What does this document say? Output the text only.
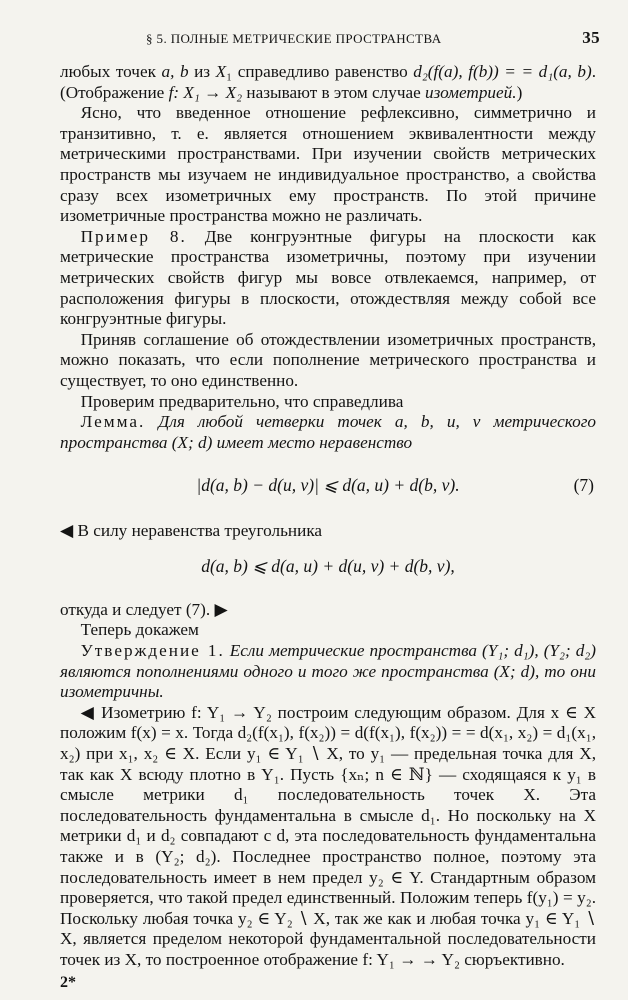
§ 5. ПОЛНЫЕ МЕТРИЧЕСКИЕ ПРОСТРАНСТВА	35

любых точек a, b из X₁ справедливо равенство d₂(f(a), f(b)) = = d₁(a, b). (Отображение f: X₁ → X₂ называют в этом случае изометрией.)

Ясно, что введенное отношение рефлексивно, симметрично и транзитивно, т. е. является отношением эквивалентности между метрическими пространствами. При изучении свойств метрических пространств мы изучаем не индивидуальное пространство, а свойства сразу всех изометричных ему пространств. По этой причине изометричные пространства можно не различать.

Пример 8. Две конгруэнтные фигуры на плоскости как метрические пространства изометричны, поэтому при изучении метрических свойств фигур мы вовсе отвлекаемся, например, от расположения фигуры в плоскости, отождествляя между собой все конгруэнтные фигуры.

Приняв соглашение об отождествлении изометричных пространств, можно показать, что если пополнение метрического пространства и существует, то оно единственно.

Проверим предварительно, что справедлива

Лемма. Для любой четверки точек a, b, u, v метрического пространства (X; d) имеет место неравенство

|d(a, b) − d(u, v)| ⩽ d(a, u) + d(b, v).	(7)

◀ В силу неравенства треугольника

d(a, b) ⩽ d(a, u) + d(u, v) + d(b, v),

откуда и следует (7). ▶

Теперь докажем

Утверждение 1. Если метрические пространства (Y₁; d₁), (Y₂; d₂) являются пополнениями одного и того же пространства (X; d), то они изометричны.

◀ Изометрию f: Y₁ → Y₂ построим следующим образом. Для x ∈ X положим f(x) = x. Тогда d₂(f(x₁), f(x₂)) = d(f(x₁), f(x₂)) = = d(x₁, x₂) = d₁(x₁, x₂) при x₁, x₂ ∈ X. Если y₁ ∈ Y₁ ∖ X, то y₁ — предельная точка для X, так как X всюду плотно в Y₁. Пусть {xₙ; n ∈ ℕ} — сходящаяся к y₁ в смысле метрики d₁ последовательность точек X. Эта последовательность фундаментальна в смысле d₁. Но поскольку на X метрики d₁ и d₂ совпадают с d, эта последовательность фундаментальна также и в (Y₂; d₂). Последнее пространство полное, поэтому эта последовательность имеет в нем предел y₂ ∈ Y. Стандартным образом проверяется, что такой предел единственный. Положим теперь f(y₁) = y₂. Поскольку любая точка y₂ ∈ Y₂ ∖ X, так же как и любая точка y₁ ∈ Y₁ ∖ X, является пределом некоторой фундаментальной последовательности точек из X, то построенное отображение f: Y₁ → → Y₂ сюръективно.

2*
